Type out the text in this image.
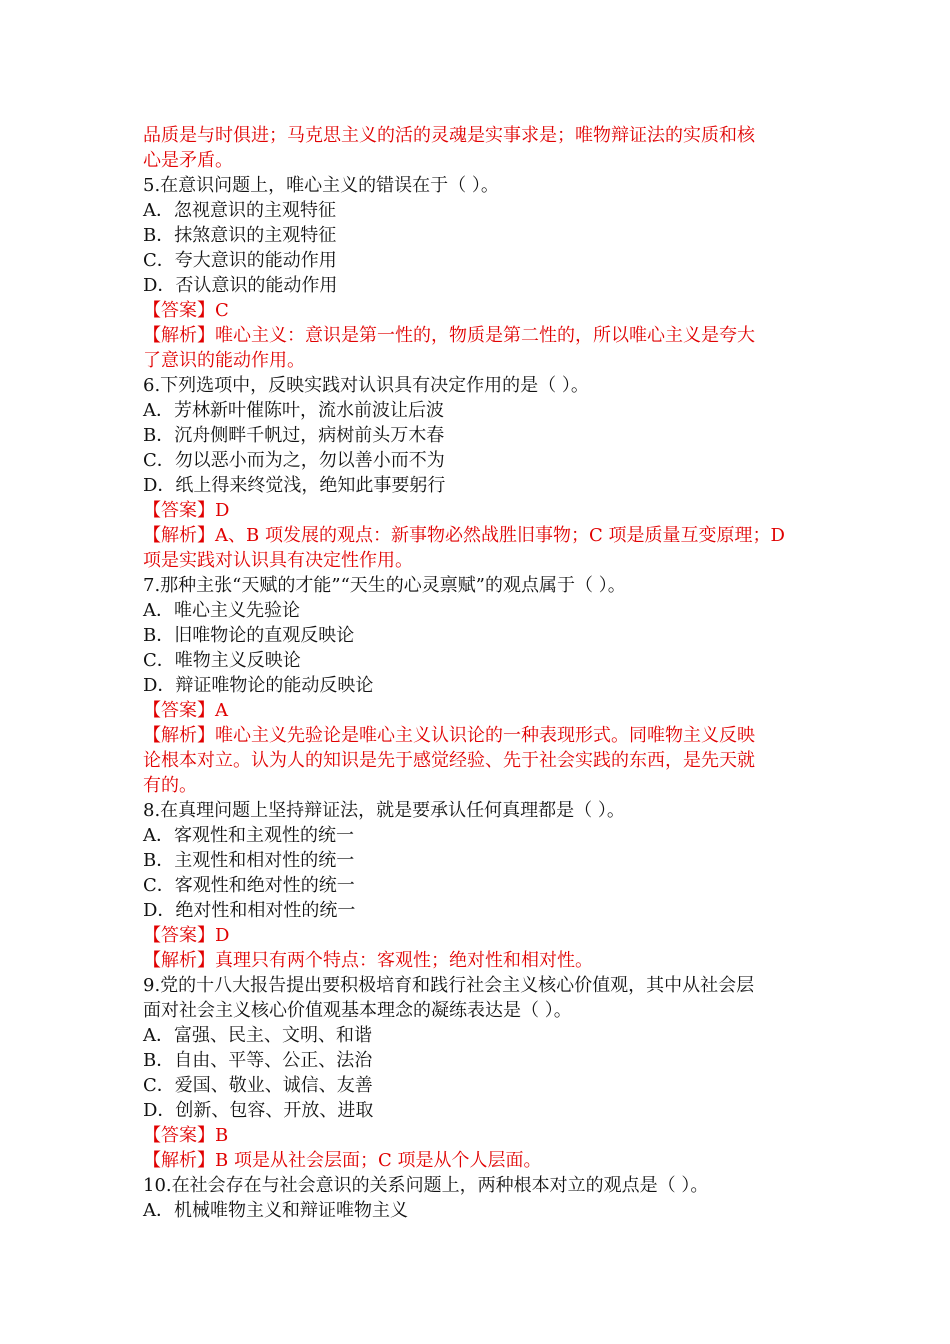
品质是与时俱进；马克思主义的活的灵魂是实事求是；唯物辩证法的实质和核
心是矛盾。
5.在意识问题上，唯心主义的错误在于（ ）。
A．忽视意识的主观特征
B．抹煞意识的主观特征
C．夸大意识的能动作用
D．否认意识的能动作用
【答案】C
【解析】唯心主义：意识是第一性的，物质是第二性的，所以唯心主义是夸大
了意识的能动作用。
6.下列选项中，反映实践对认识具有决定作用的是（ ）。
A．芳林新叶催陈叶，流水前波让后波
B．沉舟侧畔千帆过，病树前头万木春
C．勿以恶小而为之，勿以善小而不为
D．纸上得来终觉浅，绝知此事要躬行
【答案】D
【解析】A、B 项发展的观点：新事物必然战胜旧事物；C 项是质量互变原理；D
项是实践对认识具有决定性作用。
7.那种主张“天赋的才能”“天生的心灵禀赋”的观点属于（ ）。
A．唯心主义先验论
B．旧唯物论的直观反映论
C．唯物主义反映论
D．辩证唯物论的能动反映论
【答案】A
【解析】唯心主义先验论是唯心主义认识论的一种表现形式。同唯物主义反映
论根本对立。认为人的知识是先于感觉经验、先于社会实践的东西，是先天就
有的。
8.在真理问题上坚持辩证法，就是要承认任何真理都是（ ）。
A．客观性和主观性的统一
B．主观性和相对性的统一
C．客观性和绝对性的统一
D．绝对性和相对性的统一
【答案】D
【解析】真理只有两个特点：客观性；绝对性和相对性。
9.党的十八大报告提出要积极培育和践行社会主义核心价值观，其中从社会层
面对社会主义核心价值观基本理念的凝练表达是（ ）。
A．富强、民主、文明、和谐
B．自由、平等、公正、法治
C．爱国、敬业、诚信、友善
D．创新、包容、开放、进取
【答案】B
【解析】B 项是从社会层面；C 项是从个人层面。
10.在社会存在与社会意识的关系问题上，两种根本对立的观点是（ ）。
A．机械唯物主义和辩证唯物主义
